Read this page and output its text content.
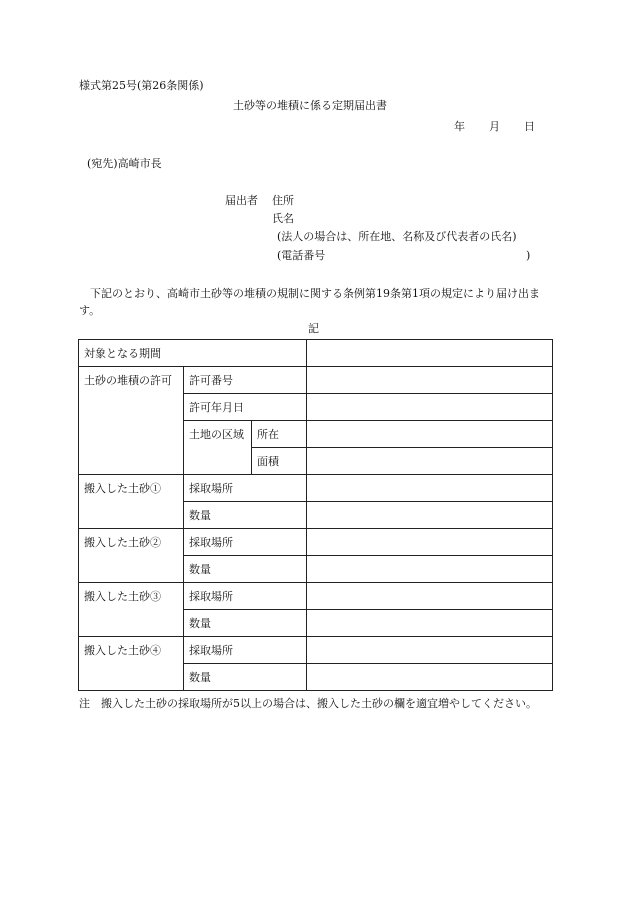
様式第25号(第26条関係)
土砂等の堆積に係る定期届出書
年 月 日
(宛先)高崎市長
届出者 住所
氏名
(法人の場合は、所在地、名称及び代表者の氏名)
(電話番号	)

下記のとおり、高崎市土砂等の堆積の規制に関する条例第19条第1項の規定により届け出ます。

記
対象となる期間			
土砂の堆積の許可	許可番号		
	許可年月日		
	土地の区域	所在	
		面積	
搬入した土砂①	採取場所		
	数量		
搬入した土砂②	採取場所		
	数量		
搬入した土砂③	採取場所		
	数量		
搬入した土砂④	採取場所		
	数量		
注　搬入した土砂の採取場所が5以上の場合は、搬入した土砂の欄を適宜増やしてください。
